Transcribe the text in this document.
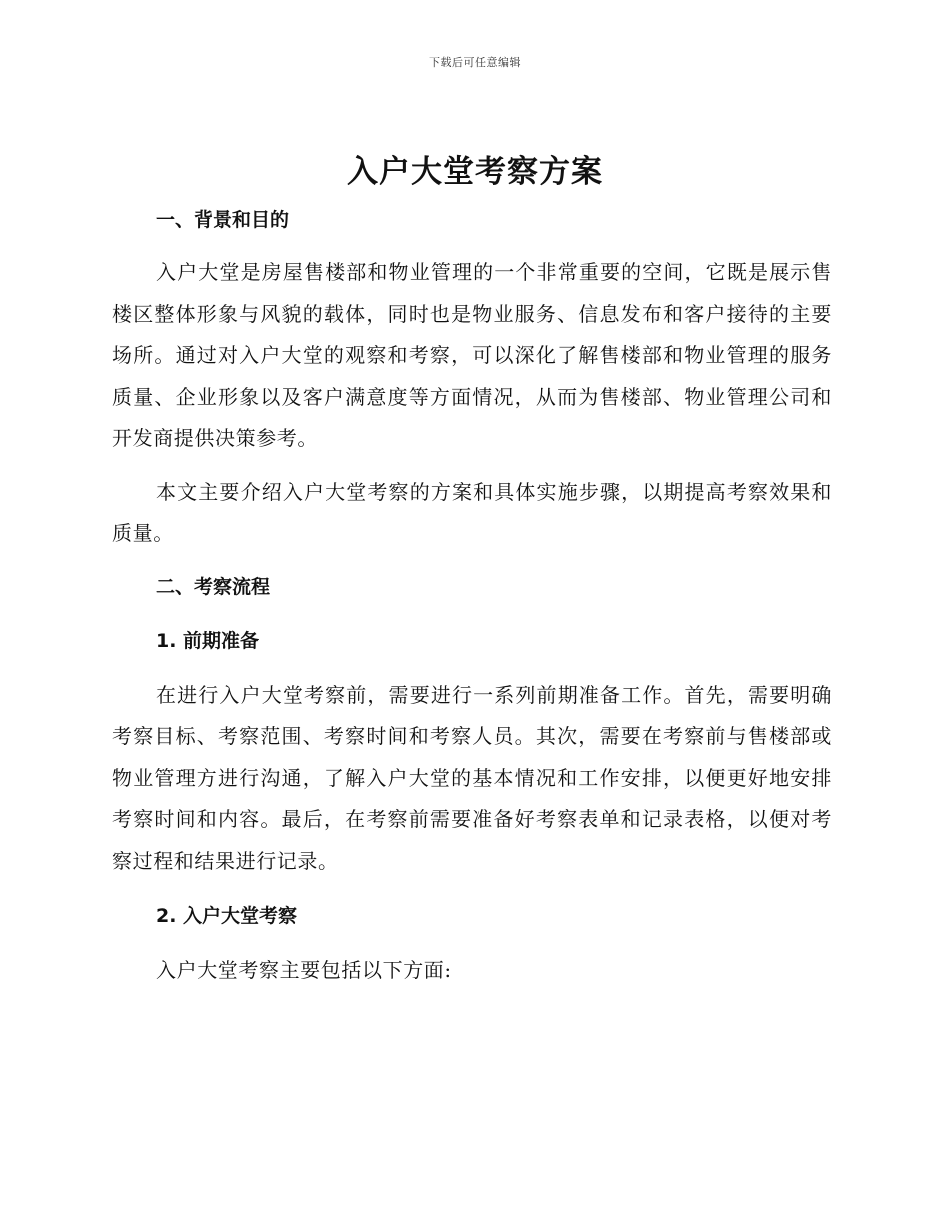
下载后可任意编辑
入户大堂考察方案
一、背景和目的

入户大堂是房屋售楼部和物业管理的一个非常重要的空间，它既是展示售楼区整体形象与风貌的载体，同时也是物业服务、信息发布和客户接待的主要场所。通过对入户大堂的观察和考察，可以深化了解售楼部和物业管理的服务质量、企业形象以及客户满意度等方面情况，从而为售楼部、物业管理公司和开发商提供决策参考。

本文主要介绍入户大堂考察的方案和具体实施步骤，以期提高考察效果和质量。

二、考察流程
1. 前期准备

在进行入户大堂考察前，需要进行一系列前期准备工作。首先，需要明确考察目标、考察范围、考察时间和考察人员。其次，需要在考察前与售楼部或物业管理方进行沟通，了解入户大堂的基本情况和工作安排，以便更好地安排考察时间和内容。最后，在考察前需要准备好考察表单和记录表格，以便对考察过程和结果进行记录。

2. 入户大堂考察

入户大堂考察主要包括以下方面:
